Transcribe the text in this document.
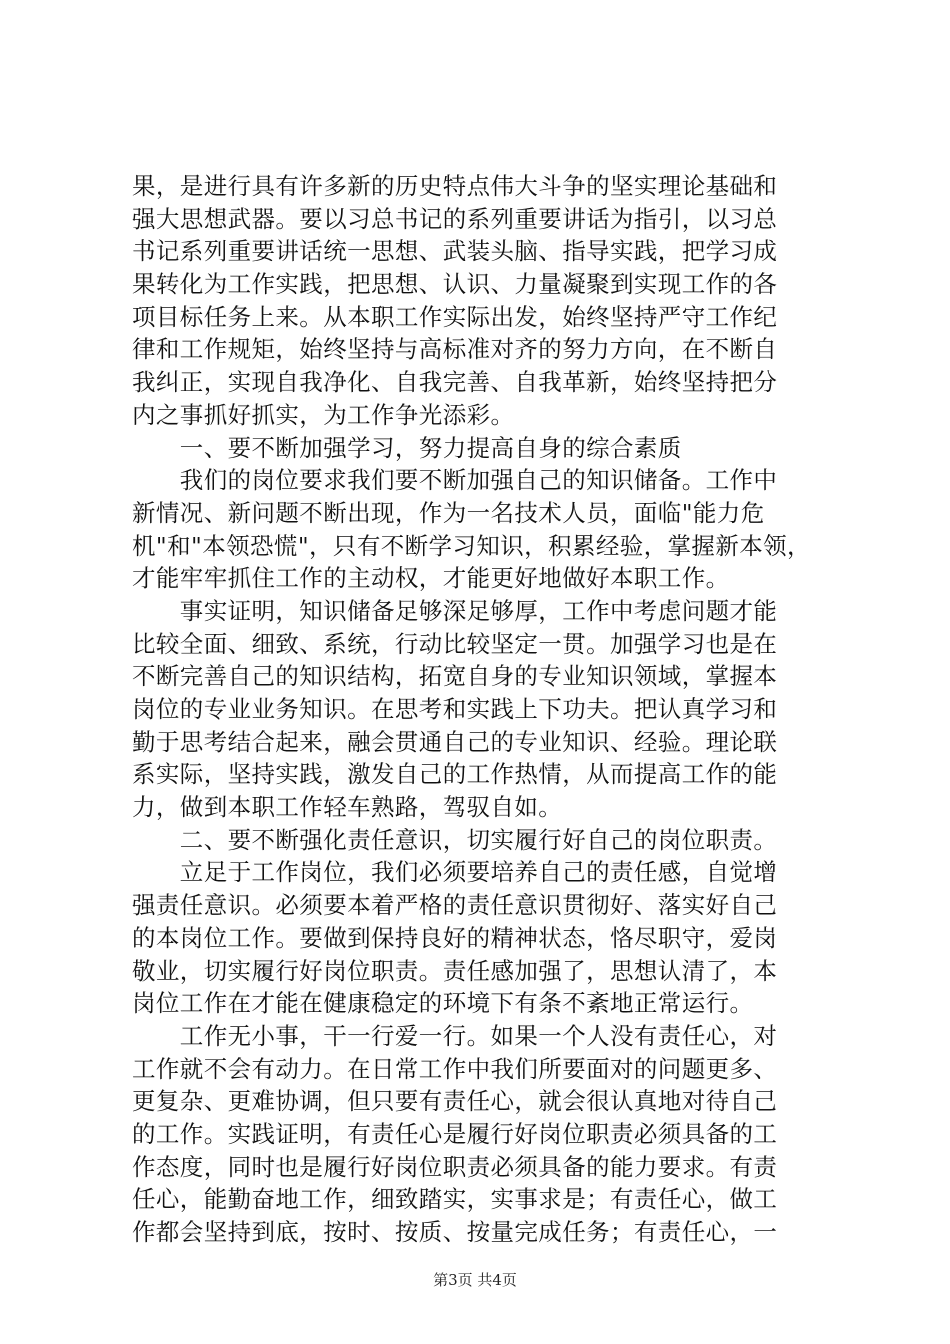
果，是进行具有许多新的历史特点伟大斗争的坚实理论基础和
强大思想武器。要以习总书记的系列重要讲话为指引，以习总
书记系列重要讲话统一思想、武装头脑、指导实践，把学习成
果转化为工作实践，把思想、认识、力量凝聚到实现工作的各
项目标任务上来。从本职工作实际出发，始终坚持严守工作纪
律和工作规矩，始终坚持与高标准对齐的努力方向，在不断自
我纠正，实现自我净化、自我完善、自我革新，始终坚持把分
内之事抓好抓实，为工作争光添彩。
　　一、要不断加强学习，努力提高自身的综合素质
　　我们的岗位要求我们要不断加强自己的知识储备。工作中
新情况、新问题不断出现，作为一名技术人员，面临"能力危
机"和"本领恐慌"，只有不断学习知识，积累经验，掌握新本领，
才能牢牢抓住工作的主动权，才能更好地做好本职工作。
　　事实证明，知识储备足够深足够厚，工作中考虑问题才能
比较全面、细致、系统，行动比较坚定一贯。加强学习也是在
不断完善自己的知识结构，拓宽自身的专业知识领域，掌握本
岗位的专业业务知识。在思考和实践上下功夫。把认真学习和
勤于思考结合起来，融会贯通自己的专业知识、经验。理论联
系实际，坚持实践，激发自己的工作热情，从而提高工作的能
力，做到本职工作轻车熟路，驾驭自如。
　　二、要不断强化责任意识，切实履行好自己的岗位职责。
　　立足于工作岗位，我们必须要培养自己的责任感，自觉增
强责任意识。必须要本着严格的责任意识贯彻好、落实好自己
的本岗位工作。要做到保持良好的精神状态，恪尽职守，爱岗
敬业，切实履行好岗位职责。责任感加强了，思想认清了，本
岗位工作在才能在健康稳定的环境下有条不紊地正常运行。
　　工作无小事，干一行爱一行。如果一个人没有责任心，对
工作就不会有动力。在日常工作中我们所要面对的问题更多、
更复杂、更难协调，但只要有责任心，就会很认真地对待自己
的工作。实践证明，有责任心是履行好岗位职责必须具备的工
作态度，同时也是履行好岗位职责必须具备的能力要求。有责
任心，能勤奋地工作，细致踏实，实事求是；有责任心，做工
作都会坚持到底，按时、按质、按量完成任务；有责任心，一
第3页 共4页
